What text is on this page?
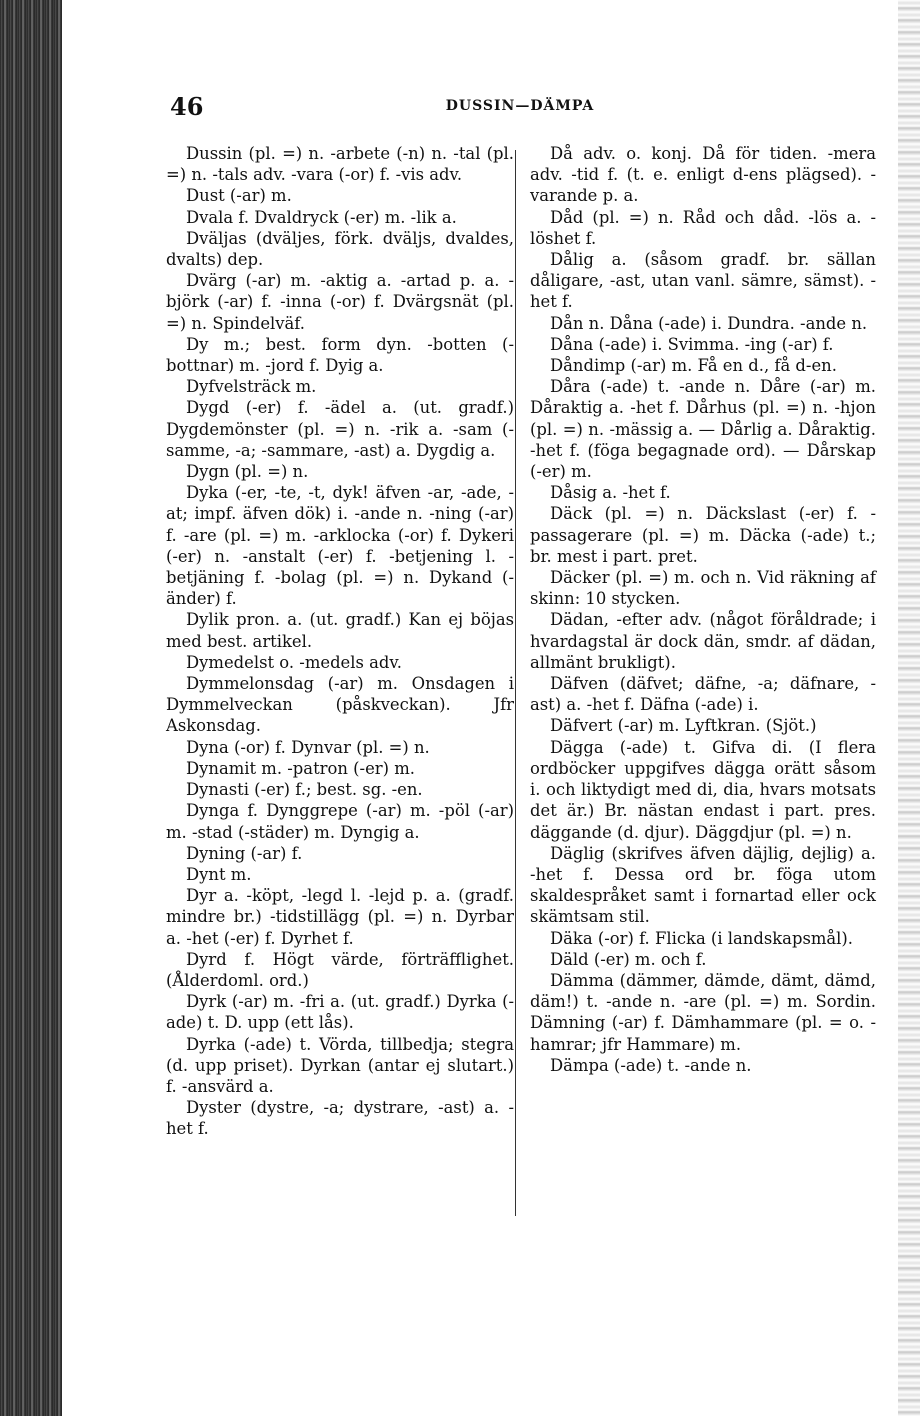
46	DUSSIN—DÄMPA

Dussin (pl. =) n. -arbete (-n) n. -tal (pl. =) n. -tals adv. -vara (-or) f. -vis adv.

Dust (-ar) m.

Dvala f. Dvaldryck (-er) m. -lik a.

Dväljas (dväljes, förk. dväljs, dvaldes, dvalts) dep.

Dvärg (-ar) m. -aktig a. -artad p. a. -björk (-ar) f. -inna (-or) f. Dvärgsnät (pl. =) n. Spindelväf.

Dy m.; best. form dyn. -botten (-bottnar) m. -jord f. Dyig a.

Dyfvelsträck m.

Dygd (-er) f. -ädel a. (ut. gradf.) Dygdemönster (pl. =) n. -rik a. -sam (-samme, -a; -sammare, -ast) a. Dygdig a.

Dygn (pl. =) n.

Dyka (-er, -te, -t, dyk! äfven -ar, -ade, -at; impf. äfven dök) i. -ande n. -ning (-ar) f. -are (pl. =) m. -arklocka (-or) f. Dykeri (-er) n. -anstalt (-er) f. -betjening l. -betjäning f. -bolag (pl. =) n. Dykand (-änder) f.

Dylik pron. a. (ut. gradf.) Kan ej böjas med best. artikel.

Dymedelst o. -medels adv.

Dymmelonsdag (-ar) m. Onsdagen i Dymmelveckan (påskveckan). Jfr Askonsdag.

Dyna (-or) f. Dynvar (pl. =) n.

Dynamit m. -patron (-er) m.

Dynasti (-er) f.; best. sg. -en.

Dynga f. Dynggrepe (-ar) m. -pöl (-ar) m. -stad (-städer) m. Dyngig a.

Dyning (-ar) f.

Dynt m.

Dyr a. -köpt, -legd l. -lejd p. a. (gradf. mindre br.) -tidstillägg (pl. =) n. Dyrbar a. -het (-er) f. Dyrhet f.

Dyrd f. Högt värde, förträfflighet. (Ålderdoml. ord.)

Dyrk (-ar) m. -fri a. (ut. gradf.) Dyrka (-ade) t. D. upp (ett lås).

Dyrka (-ade) t. Vörda, tillbedja; stegra (d. upp priset). Dyrkan (antar ej slutart.) f. -ansvärd a.

Dyster (dystre, -a; dystrare, -ast) a. -het f.

Då adv. o. konj. Då för tiden. -mera adv. -tid f. (t. e. enligt d-ens plägsed). -varande p. a.

Dåd (pl. =) n. Råd och dåd. -lös a. -löshet f.

Dålig a. (såsom gradf. br. sällan dåligare, -ast, utan vanl. sämre, sämst). -het f.

Dån n. Dåna (-ade) i. Dundra. -ande n.

Dåna (-ade) i. Svimma. -ing (-ar) f.

Dåndimp (-ar) m. Få en d., få d-en.

Dåra (-ade) t. -ande n. Dåre (-ar) m. Dåraktig a. -het f. Dårhus (pl. =) n. -hjon (pl. =) n. -mässig a. — Dårlig a. Dåraktig. -het f. (föga begagnade ord). — Dårskap (-er) m.

Dåsig a. -het f.

Däck (pl. =) n. Däckslast (-er) f. -passagerare (pl. =) m. Däcka (-ade) t.; br. mest i part. pret.

Däcker (pl. =) m. och n. Vid räkning af skinn: 10 stycken.

Dädan, -efter adv. (något föråldrade; i hvardagstal är dock dän, smdr. af dädan, allmänt brukligt).

Däfven (däfvet; däfne, -a; däfnare, -ast) a. -het f. Däfna (-ade) i.

Däfvert (-ar) m. Lyftkran. (Sjöt.)

Dägga (-ade) t. Gifva di. (I flera ordböcker uppgifves dägga orätt såsom i. och liktydigt med di, dia, hvars motsats det är.) Br. nästan endast i part. pres. däggande (d. djur). Däggdjur (pl. =) n.

Däglig (skrifves äfven däjlig, dejlig) a. -het f. Dessa ord br. föga utom skaldespråket samt i fornartad eller ock skämtsam stil.

Däka (-or) f. Flicka (i landskapsmål).

Däld (-er) m. och f.

Dämma (dämmer, dämde, dämt, dämd, däm!) t. -ande n. -are (pl. =) m. Sordin. Dämning (-ar) f. Dämhammare (pl. = o. -hamrar; jfr Hammare) m.

Dämpa (-ade) t. -ande n.
